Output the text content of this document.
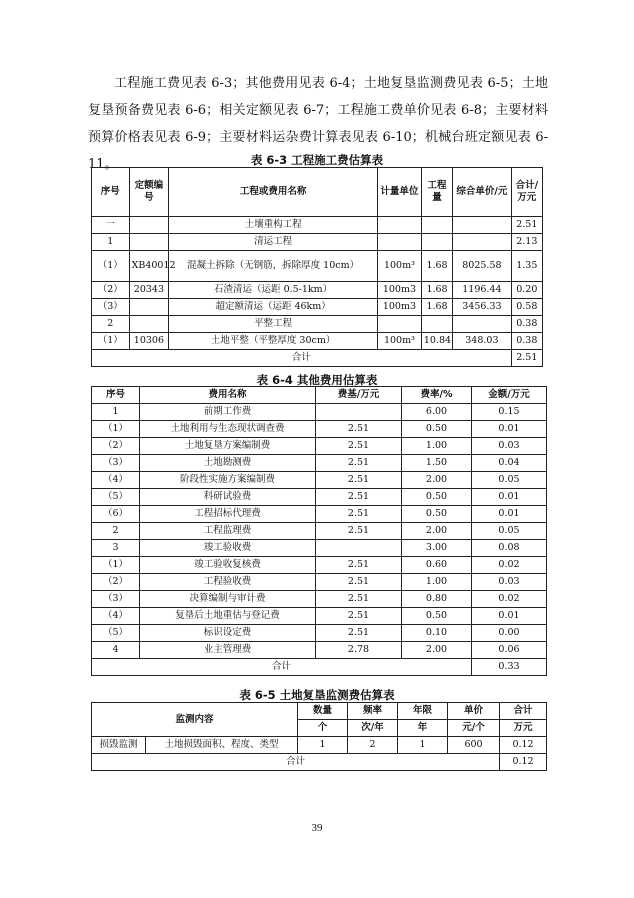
工程施工费见表 6-3；其他费用见表 6-4；土地复垦监测费见表 6-5；土地复垦预备费见表 6-6；相关定额见表 6-7；工程施工费单价见表 6-8；主要材料预算价格表见表 6-9；主要材料运杂费计算表见表 6-10；机械台班定额见表 6-11。	表 6-3 工程施工费估算表
序号	定额编号	工程或费用名称	计量单位	工程量	综合单价/元	合计/万元
一		土壤重构工程				2.51
1		清运工程				2.13
（1）	XB40012	混凝土拆除（无钢筋，拆除厚度 10cm）	100m³	1.68	8025.58	1.35
（2）	20343	石渣清运（运距 0.5-1km）	100m3	1.68	1196.44	0.20
（3）		超定额清运（运距 46km）	100m3	1.68	3456.33	0.58
2		平整工程				0.38
（1）	10306	土地平整（平整厚度 30cm）	100m³	10.84	348.03	0.38
合计						2.51
表 6-4 其他费用估算表
序号	费用名称	费基/万元	费率/%	金额/万元
1	前期工作费		6.00	0.15
（1）	土地利用与生态现状调查费	2.51	0.50	0.01
（2）	土地复垦方案编制费	2.51	1.00	0.03
（3）	土地勘测费	2.51	1.50	0.04
（4）	阶段性实施方案编制费	2.51	2.00	0.05
（5）	科研试验费	2.51	0.50	0.01
（6）	工程招标代理费	2.51	0.50	0.01
2	工程监理费	2.51	2.00	0.05
3	竣工验收费		3.00	0.08
（1）	竣工验收复核费	2.51	0.60	0.02
（2）	工程验收费	2.51	1.00	0.03
（3）	决算编制与审计费	2.51	0.80	0.02
（4）	复垦后土地重估与登记费	2.51	0.50	0.01
（5）	标识设定费	2.51	0.10	0.00
4	业主管理费	2.78	2.00	0.06
合计				0.33
表 6-5 土地复垦监测费估算表
监测内容		数量	频率	年限	单价	合计
		个	次/年	年	元/个	万元
损毁监测	土地损毁面积、程度、类型	1	2	1	600	0.12
合计						0.12
39
